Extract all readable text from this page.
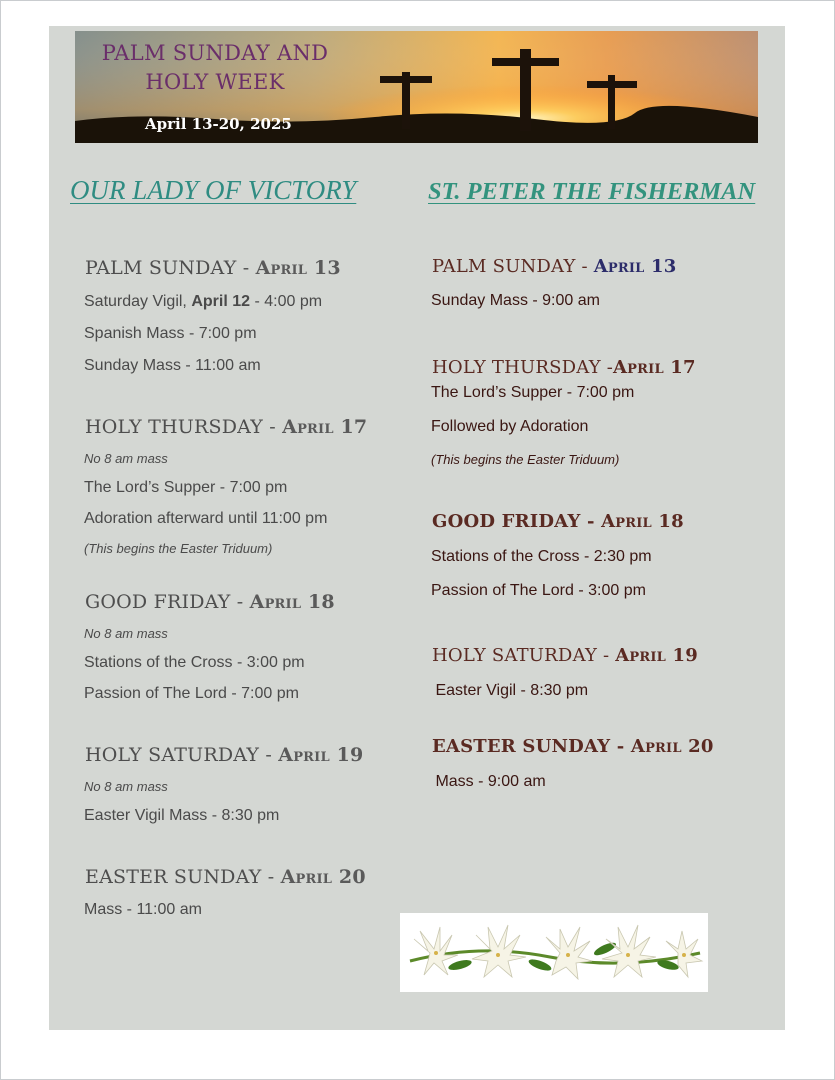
PALM SUNDAY AND
HOLY WEEK
April 13-20, 2025
OUR LADY OF VICTORY	ST. PETER THE FISHERMAN
PALM SUNDAY - April 13
Saturday Vigil, April 12 - 4:00 pm
Spanish Mass - 7:00 pm
Sunday Mass - 11:00 am
HOLY THURSDAY - April 17
No 8 am mass
The Lord’s Supper - 7:00 pm
Adoration afterward until 11:00 pm
(This begins the Easter Triduum)
GOOD FRIDAY - April 18
No 8 am mass
Stations of the Cross - 3:00 pm
Passion of The Lord - 7:00 pm
HOLY SATURDAY - April 19
No 8 am mass
Easter Vigil Mass - 8:30 pm
EASTER SUNDAY - April 20
Mass - 11:00 am
PALM SUNDAY - April 13
Sunday Mass - 9:00 am
HOLY THURSDAY -April 17
The Lord’s Supper - 7:00 pm
Followed by Adoration
(This begins the Easter Triduum)
GOOD FRIDAY - April 18
Stations of the Cross - 2:30 pm
Passion of The Lord - 3:00 pm
HOLY SATURDAY - April 19
Easter Vigil - 8:30 pm
EASTER SUNDAY - April 20
Mass - 9:00 am
